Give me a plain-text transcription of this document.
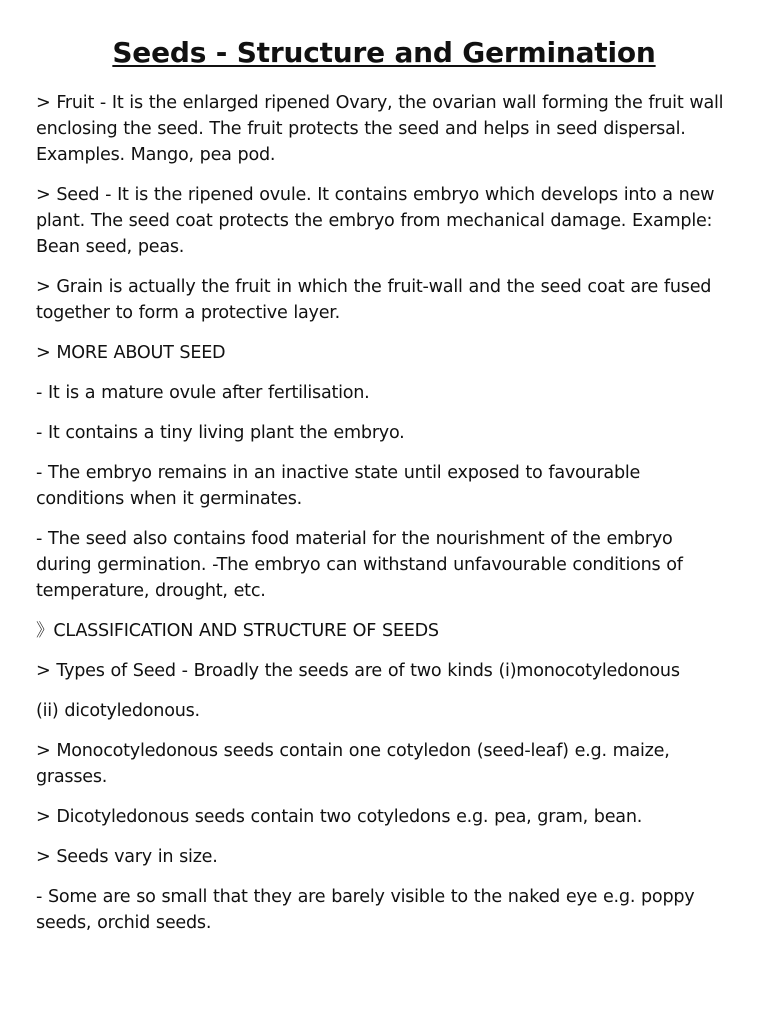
Seeds - Structure and Germination

> Fruit - It is the enlarged ripened Ovary, the ovarian wall forming the fruit wall enclosing the seed. The fruit protects the seed and helps in seed dispersal. Examples. Mango, pea pod.

> Seed - It is the ripened ovule. It contains embryo which develops into a new plant. The seed coat protects the embryo from mechanical damage. Example: Bean seed, peas.

> Grain is actually the fruit in which the fruit-wall and the seed coat are fused together to form a protective layer.

> MORE ABOUT SEED

- It is a mature ovule after fertilisation.

- It contains a tiny living plant the embryo.

- The embryo remains in an inactive state until exposed to favourable conditions when it germinates.

- The seed also contains food material for the nourishment of the embryo during germination. -The embryo can withstand unfavourable conditions of temperature, drought, etc.

》CLASSIFICATION AND STRUCTURE OF SEEDS

> Types of Seed - Broadly the seeds are of two kinds (i)monocotyledonous

(ii) dicotyledonous.

> Monocotyledonous seeds contain one cotyledon (seed-leaf) e.g. maize, grasses.

> Dicotyledonous seeds contain two cotyledons e.g. pea, gram, bean.

> Seeds vary in size.

- Some are so small that they are barely visible to the naked eye e.g. poppy seeds, orchid seeds.
